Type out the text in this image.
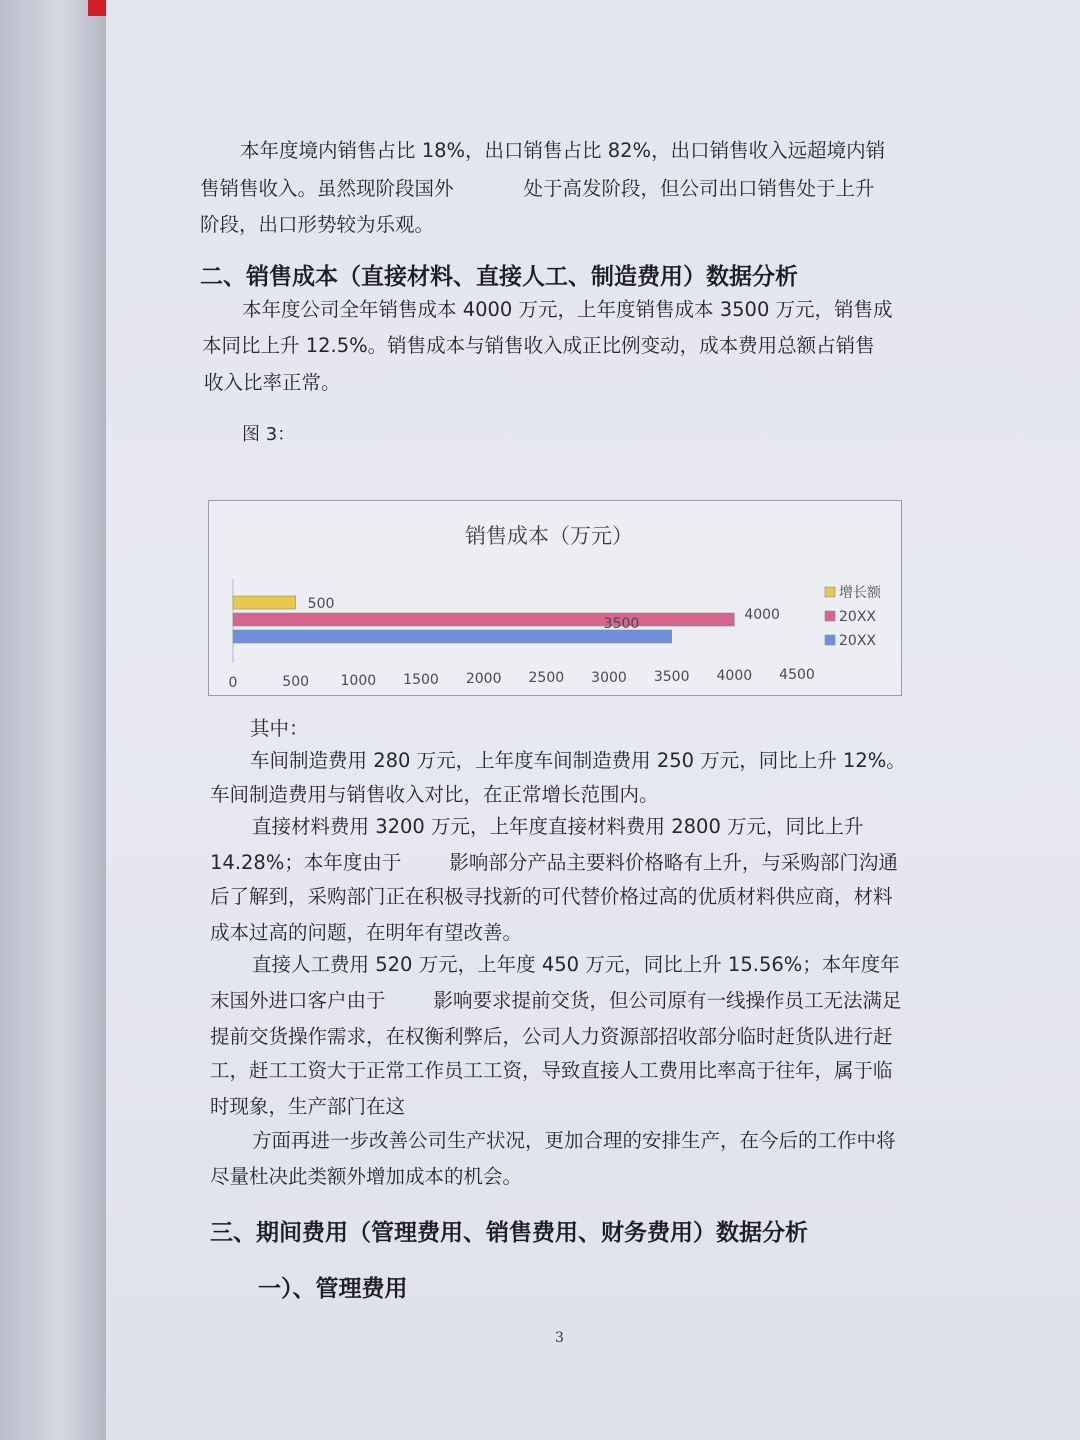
本年度境内销售占比 18%，出口销售占比 82%，出口销售收入远超境内销
售销售收入。虽然现阶段国外	处于高发阶段，但公司出口销售处于上升
阶段，出口形势较为乐观。
二、销售成本（直接材料、直接人工、制造费用）数据分析
本年度公司全年销售成本 4000 万元，上年度销售成本 3500 万元，销售成
本同比上升 12.5%。销售成本与销售收入成正比例变动，成本费用总额占销售
收入比率正常。
图 3：
销售成本（万元）
500
4000
3500
0	500 1000 1500 2000 2500 3000 3500 4000 4500
增长额
20XX
20XX
其中：
车间制造费用 280 万元，上年度车间制造费用 250 万元，同比上升 12%。
车间制造费用与销售收入对比，在正常增长范围内。
直接材料费用 3200 万元，上年度直接材料费用 2800 万元，同比上升
14.28%；本年度由于 影响部分产品主要料价格略有上升，与采购部门沟通
后了解到，采购部门正在积极寻找新的可代替价格过高的优质材料供应商，材料
成本过高的问题，在明年有望改善。
直接人工费用 520 万元，上年度 450 万元，同比上升 15.56%；本年度年
末国外进口客户由于 影响要求提前交货，但公司原有一线操作员工无法满足
提前交货操作需求，在权衡利弊后，公司人力资源部招收部分临时赶货队进行赶
工，赶工工资大于正常工作员工工资，导致直接人工费用比率高于往年，属于临
时现象，生产部门在这
方面再进一步改善公司生产状况，更加合理的安排生产，在今后的工作中将
尽量杜决此类额外增加成本的机会。
三、期间费用（管理费用、销售费用、财务费用）数据分析
一）、管理费用
3
